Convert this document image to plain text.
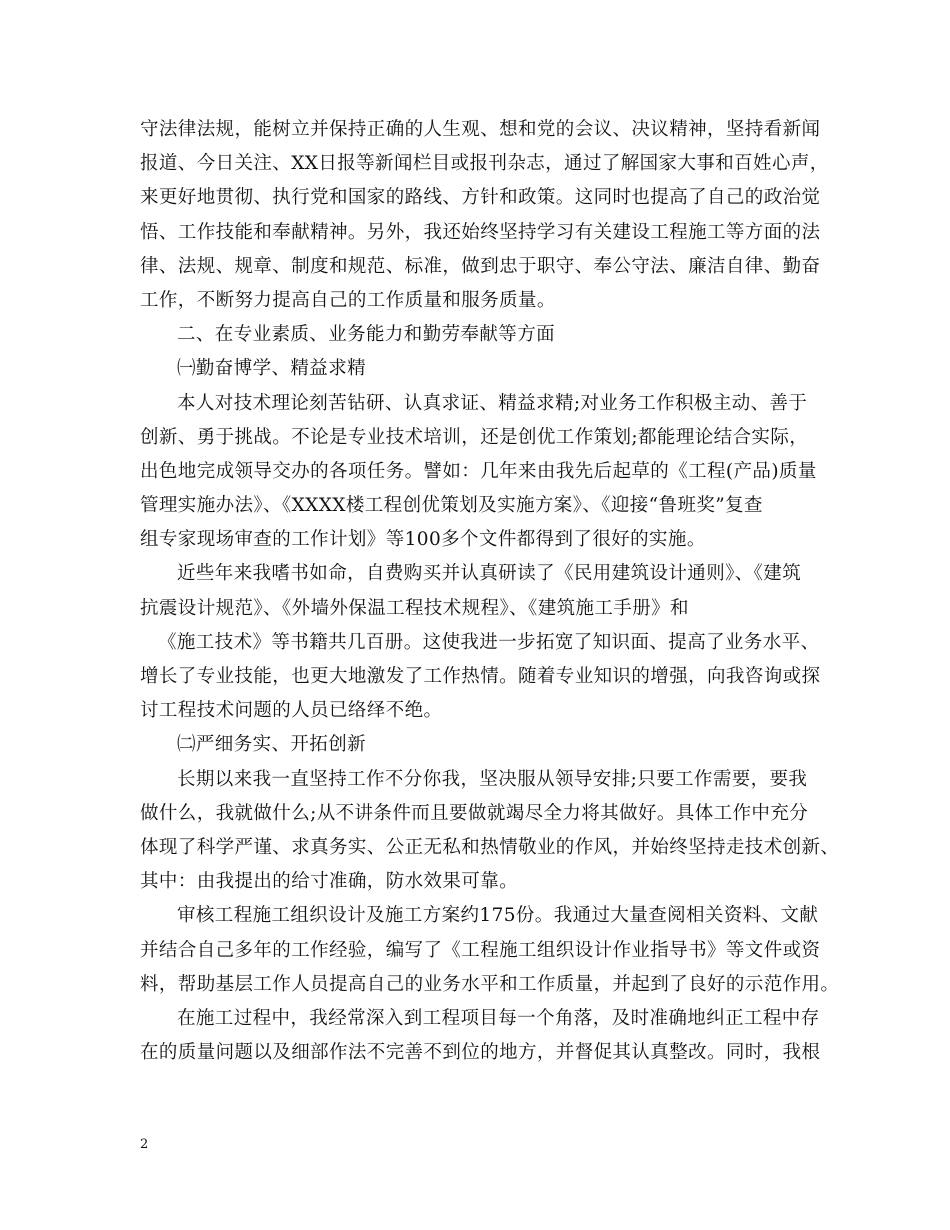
守法律法规，能树立并保持正确的人生观、想和党的会议、决议精神，坚持看新闻
报道、今日关注、XX日报等新闻栏目或报刊杂志，通过了解国家大事和百姓心声，
来更好地贯彻、执行党和国家的路线、方针和政策。这同时也提高了自己的政治觉
悟、工作技能和奉献精神。另外，我还始终坚持学习有关建设工程施工等方面的法
律、法规、规章、制度和规范、标准，做到忠于职守、奉公守法、廉洁自律、勤奋
工作，不断努力提高自己的工作质量和服务质量。
二、在专业素质、业务能力和勤劳奉献等方面
㈠勤奋博学、精益求精
本人对技术理论刻苦钻研、认真求证、精益求精;对业务工作积极主动、善于
创新、勇于挑战。不论是专业技术培训，还是创优工作策划;都能理论结合实际，
出色地完成领导交办的各项任务。譬如：几年来由我先后起草的《工程(产品)质量
管理实施办法》、《XXXX楼工程创优策划及实施方案》、《迎接“鲁班奖”复查
组专家现场审查的工作计划》等100多个文件都得到了很好的实施。
近些年来我嗜书如命，自费购买并认真研读了《民用建筑设计通则》、《建筑
抗震设计规范》、《外墙外保温工程技术规程》、《建筑施工手册》和
《施工技术》等书籍共几百册。这使我进一步拓宽了知识面、提高了业务水平、
增长了专业技能，也更大地激发了工作热情。随着专业知识的增强，向我咨询或探
讨工程技术问题的人员已络绎不绝。
㈡严细务实、开拓创新
长期以来我一直坚持工作不分你我，坚决服从领导安排;只要工作需要，要我
做什么，我就做什么;从不讲条件而且要做就竭尽全力将其做好。具体工作中充分
体现了科学严谨、求真务实、公正无私和热情敬业的作风，并始终坚持走技术创新、
其中：由我提出的给寸准确，防水效果可靠。
审核工程施工组织设计及施工方案约175份。我通过大量查阅相关资料、文献
并结合自己多年的工作经验，编写了《工程施工组织设计作业指导书》等文件或资
料，帮助基层工作人员提高自己的业务水平和工作质量，并起到了良好的示范作用。
在施工过程中，我经常深入到工程项目每一个角落，及时准确地纠正工程中存
在的质量问题以及细部作法不完善不到位的地方，并督促其认真整改。同时，我根
2
